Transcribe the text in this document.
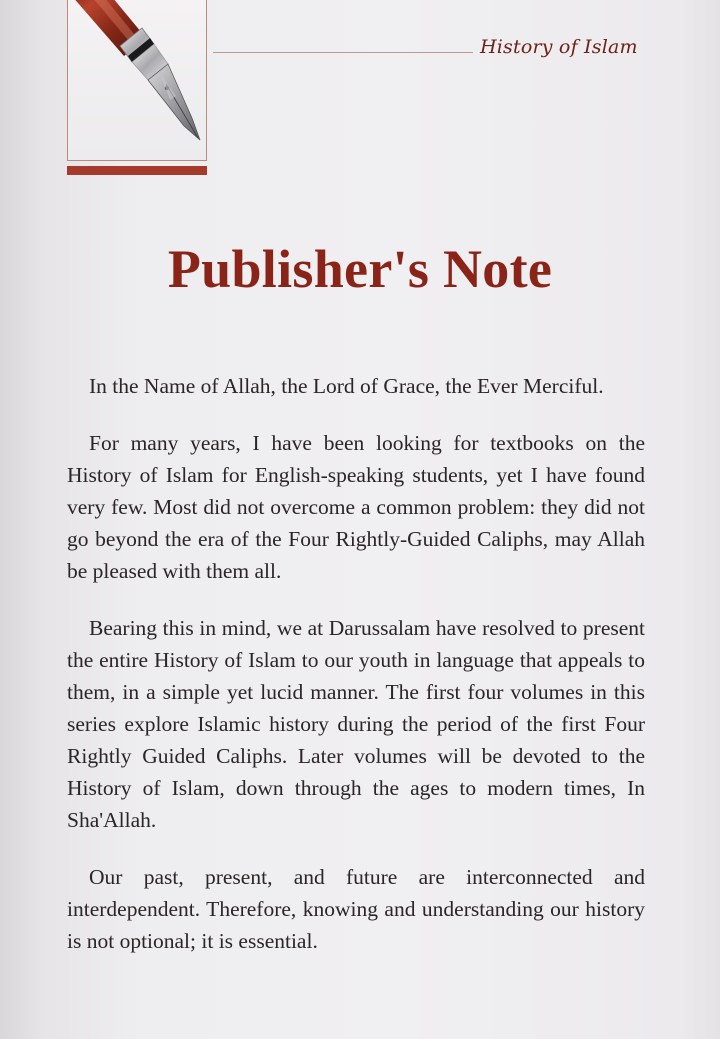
History of Islam
Publisher's Note

In the Name of Allah, the Lord of Grace, the Ever Merciful.

For many years, I have been looking for textbooks on the History of Islam for English-speaking students, yet I have found very few. Most did not overcome a common problem: they did not go beyond the era of the Four Rightly-Guided Caliphs, may Allah be pleased with them all.

Bearing this in mind, we at Darussalam have resolved to present the entire History of Islam to our youth in language that appeals to them, in a simple yet lucid manner. The first four volumes in this series explore Islamic history during the period of the first Four Rightly Guided Caliphs. Later volumes will be devoted to the History of Islam, down through the ages to modern times, In Sha'Allah.

Our past, present, and future are interconnected and interdependent. Therefore, knowing and understanding our history is not optional; it is essential.
